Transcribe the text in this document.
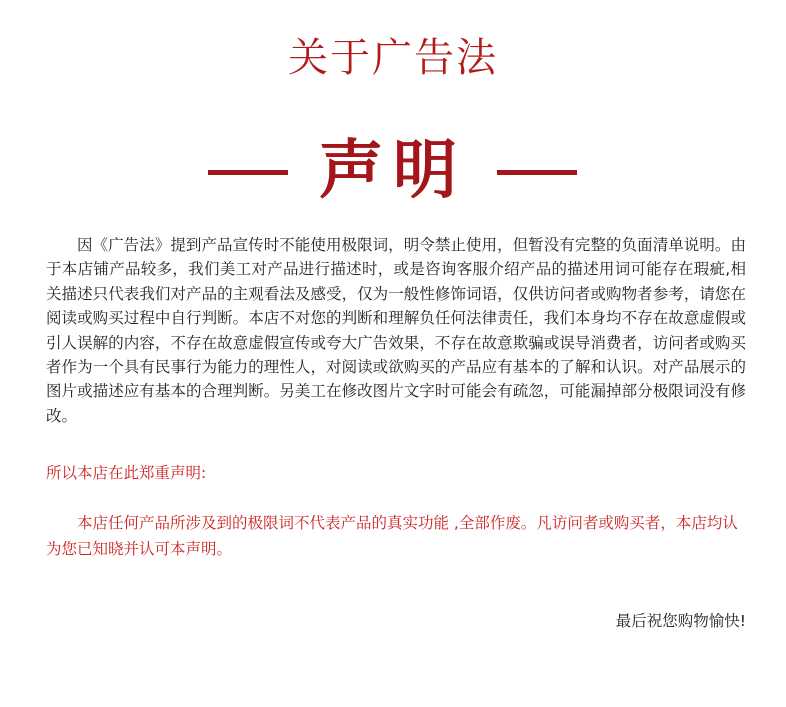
关于广告法
声明
因《广告法》提到产品宣传时不能使用极限词，明令禁止使用，但暂没有完整的负面清单说明。由于本店铺产品较多，我们美工对产品进行描述时，或是咨询客服介绍产品的描述用词可能存在瑕疵,相关描述只代表我们对产品的主观看法及感受，仅为一般性修饰词语，仅供访问者或购物者参考，请您在阅读或购买过程中自行判断。本店不对您的判断和理解负任何法律责任，我们本身均不存在故意虚假或引人误解的内容，不存在故意虚假宣传或夸大广告效果，不存在故意欺骗或误导消费者，访问者或购买者作为一个具有民事行为能力的理性人，对阅读或欲购买的产品应有基本的了解和认识。对产品展示的图片或描述应有基本的合理判断。另美工在修改图片文字时可能会有疏忽，可能漏掉部分极限词没有修改。
所以本店在此郑重声明:
本店任何产品所涉及到的极限词不代表产品的真实功能 ,全部作废。凡访问者或购买者，本店均认为您已知晓并认可本声明。
最后祝您购物愉快!
